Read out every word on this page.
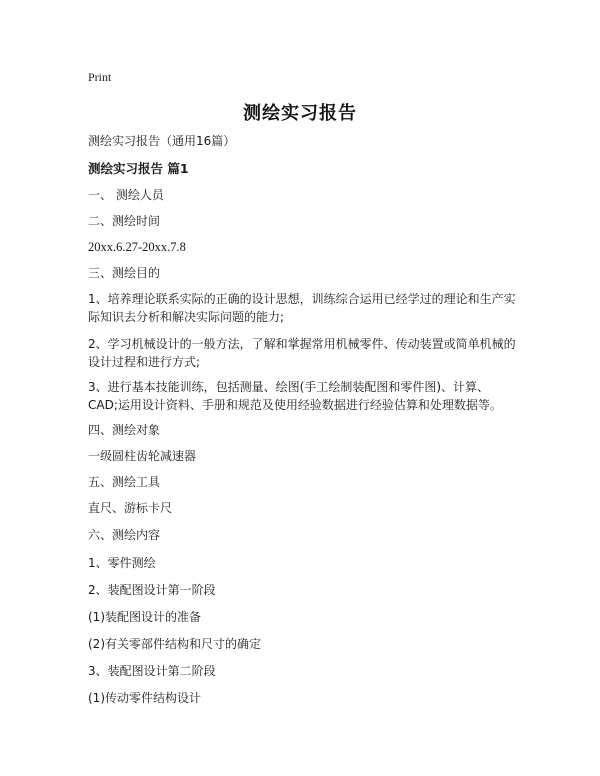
Print
测绘实习报告
测绘实习报告（通用16篇）
测绘实习报告 篇1
一、 测绘人员
二、测绘时间
20xx.6.27-20xx.7.8
三、测绘目的
1、培养理论联系实际的正确的设计思想，训练综合运用已经学过的理论和生产实际知识去分析和解决实际问题的能力;
2、学习机械设计的一般方法，了解和掌握常用机械零件、传动装置或简单机械的设计过程和进行方式;
3、进行基本技能训练，包括测量、绘图(手工绘制装配图和零件图)、计算、CAD;运用设计资料、手册和规范及使用经验数据进行经验估算和处理数据等。
四、测绘对象
一级圆柱齿轮减速器
五、测绘工具
直尺、游标卡尺
六、测绘内容
1、零件测绘
2、装配图设计第一阶段
(1)装配图设计的准备
(2)有关零部件结构和尺寸的确定
3、装配图设计第二阶段
(1)传动零件结构设计
